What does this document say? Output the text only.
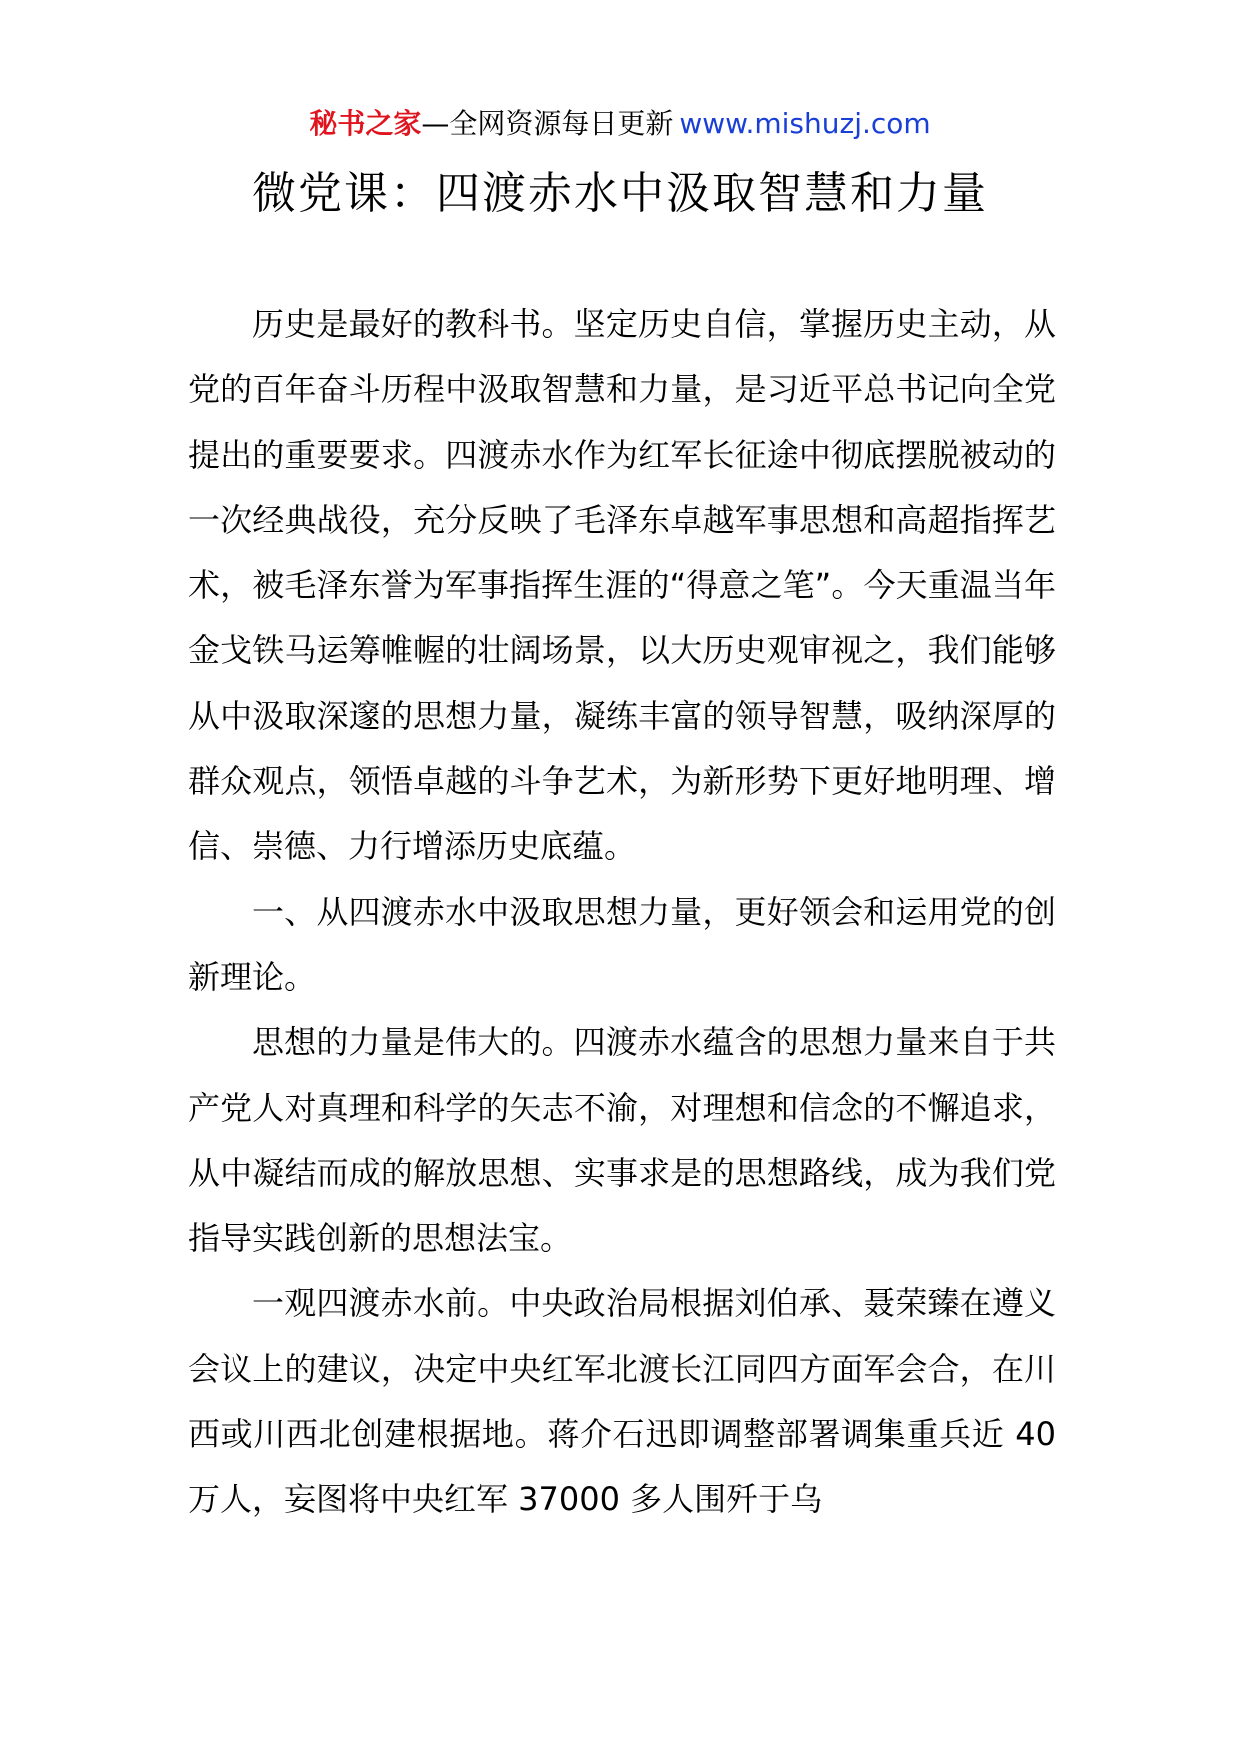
秘书之家—全网资源每日更新 www.mishuzj.com
微党课：四渡赤水中汲取智慧和力量

历史是最好的教科书。坚定历史自信，掌握历史主动，从党的百年奋斗历程中汲取智慧和力量，是习近平总书记向全党提出的重要要求。四渡赤水作为红军长征途中彻底摆脱被动的一次经典战役，充分反映了毛泽东卓越军事思想和高超指挥艺术，被毛泽东誉为军事指挥生涯的“得意之笔”。今天重温当年金戈铁马运筹帷幄的壮阔场景，以大历史观审视之，我们能够从中汲取深邃的思想力量，凝练丰富的领导智慧，吸纳深厚的群众观点，领悟卓越的斗争艺术，为新形势下更好地明理、增信、崇德、力行增添历史底蕴。

一、从四渡赤水中汲取思想力量，更好领会和运用党的创新理论。

思想的力量是伟大的。四渡赤水蕴含的思想力量来自于共产党人对真理和科学的矢志不渝，对理想和信念的不懈追求，从中凝结而成的解放思想、实事求是的思想路线，成为我们党指导实践创新的思想法宝。

一观四渡赤水前。中央政治局根据刘伯承、聂荣臻在遵义会议上的建议，决定中央红军北渡长江同四方面军会合，在川西或川西北创建根据地。蒋介石迅即调整部署调集重兵近 40 万人，妄图将中央红军 37000 多人围歼于乌
